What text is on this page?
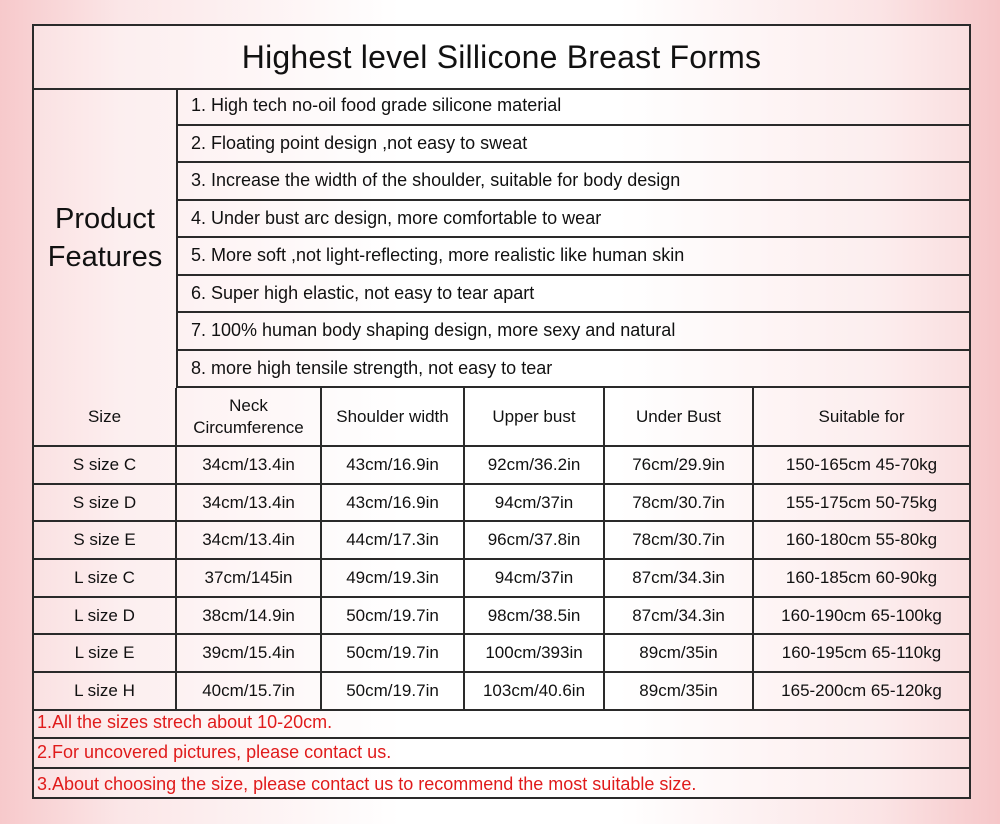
Highest level Sillicone Breast Forms
Product
Features
1. High tech no-oil food grade silicone material
2. Floating point design ,not easy to sweat
3. Increase the width of the shoulder, suitable for body design
4. Under bust arc design, more comfortable to wear
5. More soft ,not light-reflecting, more realistic like human skin
6. Super high elastic, not easy to tear apart
7. 100% human body shaping design, more sexy and natural
8. more high tensile strength, not easy to tear
Size	Neck Circumference	Shoulder width	Upper bust	Under Bust	Suitable for
S size C	34cm/13.4in	43cm/16.9in	92cm/36.2in	76cm/29.9in	150-165cm 45-70kg
S size D	34cm/13.4in	43cm/16.9in	94cm/37in	78cm/30.7in	155-175cm 50-75kg
S size E	34cm/13.4in	44cm/17.3in	96cm/37.8in	78cm/30.7in	160-180cm 55-80kg
L size C	37cm/145in	49cm/19.3in	94cm/37in	87cm/34.3in	160-185cm 60-90kg
L size D	38cm/14.9in	50cm/19.7in	98cm/38.5in	87cm/34.3in	160-190cm 65-100kg
L size E	39cm/15.4in	50cm/19.7in	100cm/393in	89cm/35in	160-195cm 65-110kg
L size H	40cm/15.7in	50cm/19.7in	103cm/40.6in	89cm/35in	165-200cm 65-120kg
1.All the sizes strech about 10-20cm.
2.For uncovered pictures, please contact us.
3.About choosing the size, please contact us to recommend the most suitable size.
